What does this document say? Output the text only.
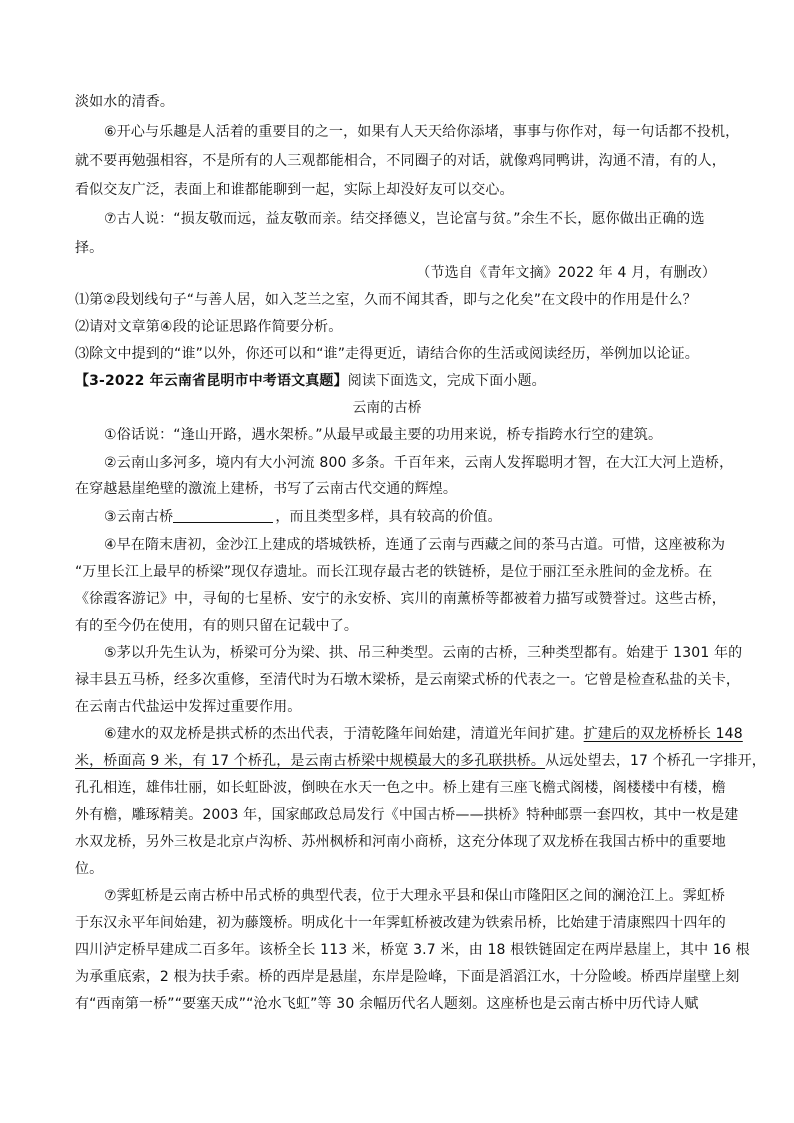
淡如水的清香。
⑥开心与乐趣是人活着的重要目的之一，如果有人天天给你添堵，事事与你作对，每一句话都不投机，
就不要再勉强相容，不是所有的人三观都能相合，不同圈子的对话，就像鸡同鸭讲，沟通不清，有的人，
看似交友广泛，表面上和谁都能聊到一起，实际上却没好友可以交心。
⑦古人说：“损友敬而远，益友敬而亲。结交择德义，岂论富与贫。”余生不长，愿你做出正确的选
择。
（节选自《青年文摘》2022 年 4 月，有删改）
⑴第②段划线句子“与善人居，如入芝兰之室，久而不闻其香，即与之化矣”在文段中的作用是什么？
⑵请对文章第④段的论证思路作简要分析。
⑶除文中提到的“谁”以外，你还可以和“谁”走得更近，请结合你的生活或阅读经历，举例加以论证。
【3-2022 年云南省昆明市中考语文真题】阅读下面选文，完成下面小题。
云南的古桥
①俗话说：“逢山开路，遇水架桥。”从最早或最主要的功用来说，桥专指跨水行空的建筑。
②云南山多河多，境内有大小河流 800 多条。千百年来，云南人发挥聪明才智，在大江大河上造桥，
在穿越悬崖绝壁的激流上建桥，书写了云南古代交通的辉煌。
③云南古桥	，而且类型多样，具有较高的价值。
④早在隋末唐初，金沙江上建成的塔城铁桥，连通了云南与西藏之间的茶马古道。可惜，这座被称为
“万里长江上最早的桥梁”现仅存遗址。而长江现存最古老的铁链桥，是位于丽江至永胜间的金龙桥。在
《徐霞客游记》中，寻甸的七星桥、安宁的永安桥、宾川的南薰桥等都被着力描写或赞誉过。这些古桥，
有的至今仍在使用，有的则只留在记载中了。
⑤茅以升先生认为，桥梁可分为梁、拱、吊三种类型。云南的古桥，三种类型都有。始建于 1301 年的
禄丰县五马桥，经多次重修，至清代时为石墩木梁桥，是云南梁式桥的代表之一。它曾是检查私盐的关卡，
在云南古代盐运中发挥过重要作用。
⑥建水的双龙桥是拱式桥的杰出代表，于清乾隆年间始建，清道光年间扩建。扩建后的双龙桥桥长 148
米，桥面高 9 米，有 17 个桥孔，是云南古桥梁中规模最大的多孔联拱桥。从远处望去，17 个桥孔一字排开，
孔孔相连，雄伟壮丽，如长虹卧波，倒映在水天一色之中。桥上建有三座飞檐式阁楼，阁楼楼中有楼，檐
外有檐，雕琢精美。2003 年，国家邮政总局发行《中国古桥——拱桥》特种邮票一套四枚，其中一枚是建
水双龙桥，另外三枚是北京卢沟桥、苏州枫桥和河南小商桥，这充分体现了双龙桥在我国古桥中的重要地
位。
⑦霁虹桥是云南古桥中吊式桥的典型代表，位于大理永平县和保山市隆阳区之间的澜沧江上。霁虹桥
于东汉永平年间始建，初为藤篾桥。明成化十一年霁虹桥被改建为铁索吊桥，比始建于清康熙四十四年的
四川泸定桥早建成二百多年。该桥全长 113 米，桥宽 3.7 米，由 18 根铁链固定在两岸悬崖上，其中 16 根
为承重底索，2 根为扶手索。桥的西岸是悬崖，东岸是险峰，下面是滔滔江水，十分险峻。桥西岸崖壁上刻
有“西南第一桥”“要塞天成”“沧水飞虹”等 30 余幅历代名人题刻。这座桥也是云南古桥中历代诗人赋
